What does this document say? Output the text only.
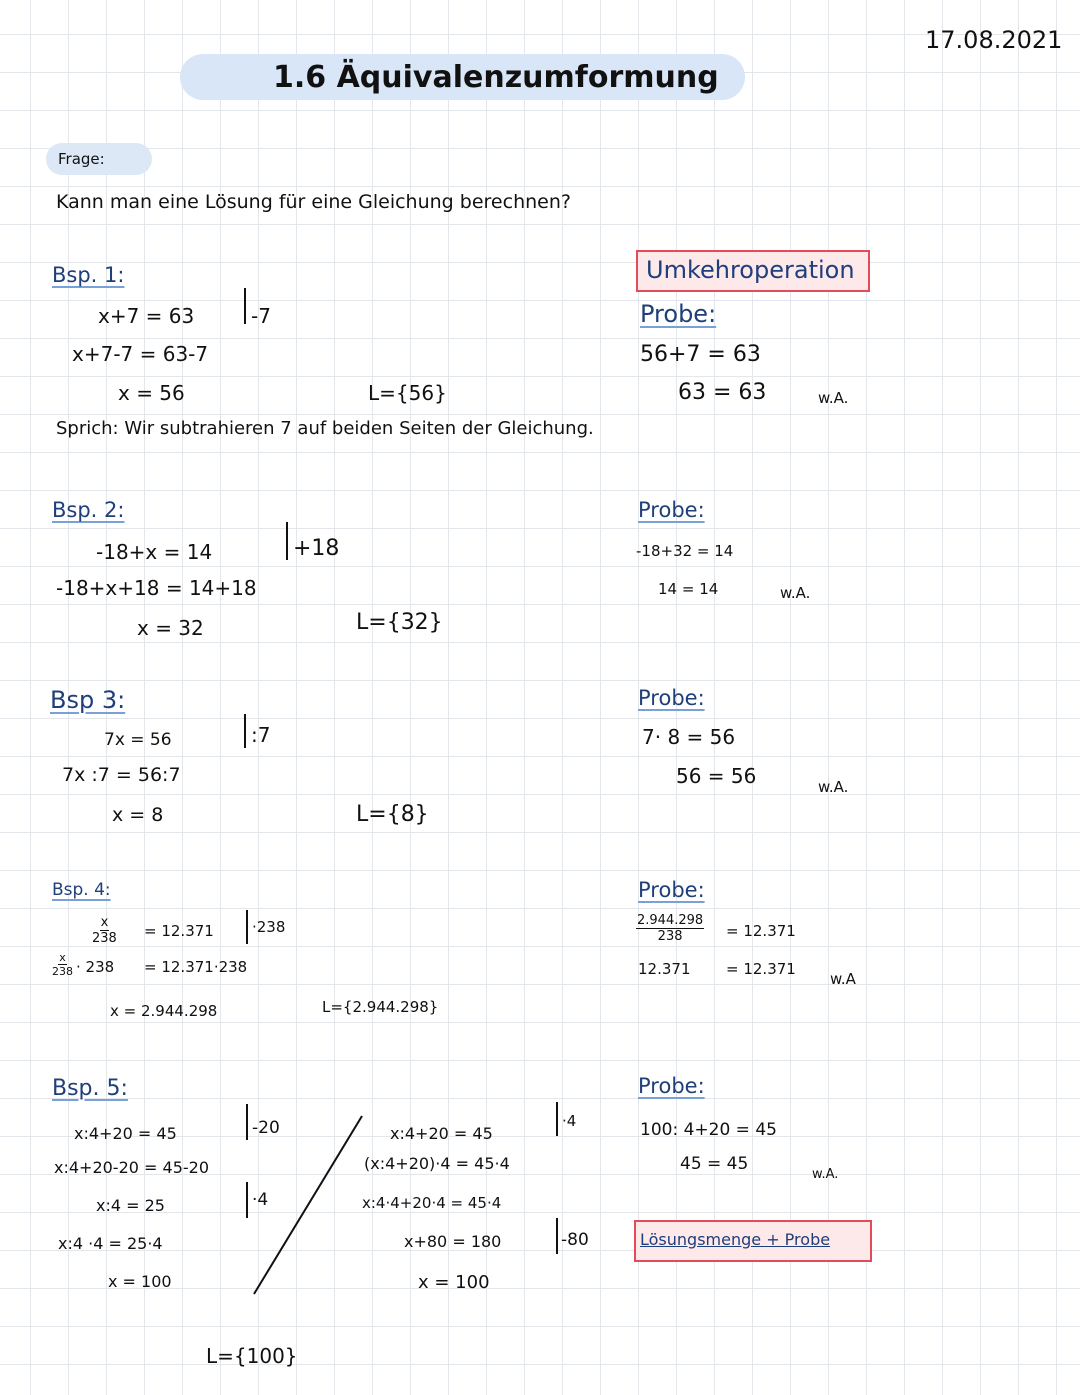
17.08.2021
1.6 Äquivalenzumformung
Frage:
Kann man eine Lösung für eine Gleichung berechnen?
Bsp. 1:
x+7 = 63	-7
x+7-7 = 63-7
x = 56	L={56}
Sprich: Wir subtrahieren 7 auf beiden Seiten der Gleichung.
Umkehroperation
Probe:
56+7 = 63
63 = 63	w.A.
Bsp. 2:
-18+x = 14	+18
-18+x+18 = 14+18
x = 32	L={32}
Probe:
-18+32 = 14
14 = 14	w.A.
Bsp 3:
7x = 56	:7
7x :7 = 56:7
x = 8	L={8}
Probe:
7· 8 = 56
56 = 56	w.A.
Bsp. 4:
$\frac{x}{238} = 12.371$	·238
$\frac{x}{238} \cdot 238 = 12.371\cdot 238$
x = 2.944.298	L={2.944.298}
Probe:
$\frac{2.944.298}{238} = 12.371$
12.371 = 12.371
w.A
Bsp. 5:
x:4+20 = 45	-20
x:4+20-20 = 45-20
x:4 = 25	·4
x:4 ·4 = 25·4
x = 100
x:4+20 = 45
·4
(x:4+20)·4 = 45·4
x:4·4+20·4 = 45·4
x+80 = 180	-80
x = 100
L={100}
Probe:
100: 4+20 = 45
45 = 45
w.A.
Lösungsmenge + Probe
